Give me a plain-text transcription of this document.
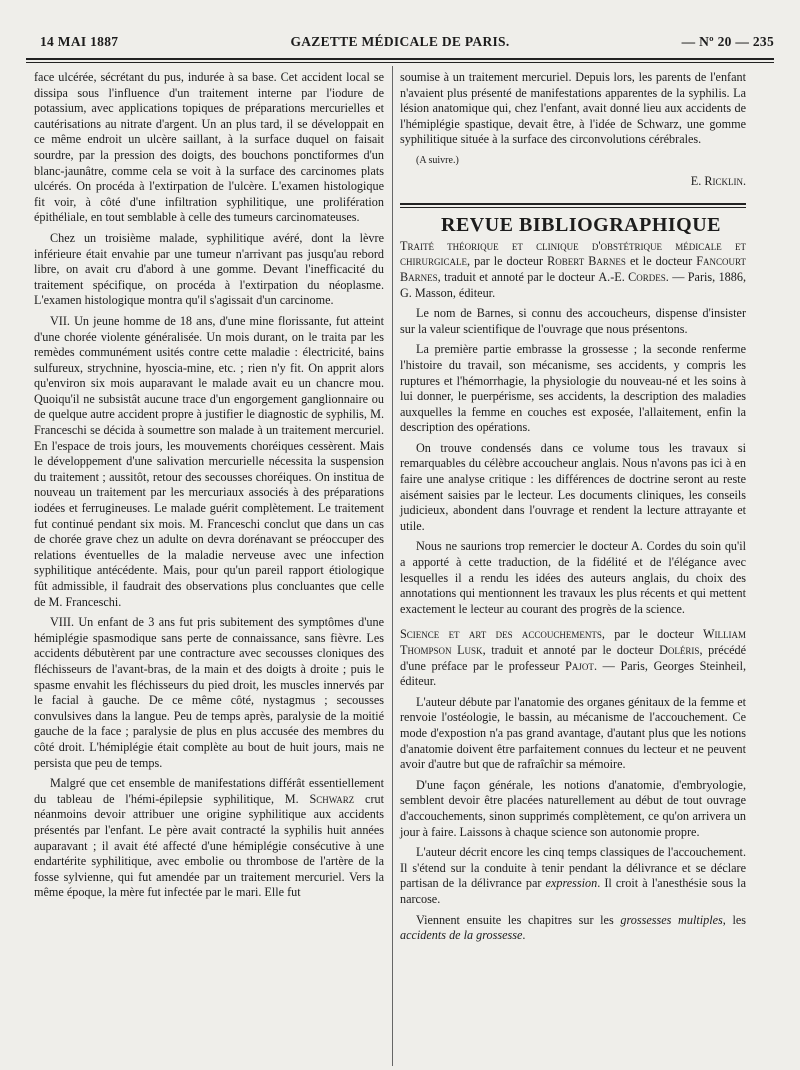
14 MAI 1887	GAZETTE MÉDICALE DE PARIS.	— Nº 20 — 235

face ulcérée, sécrétant du pus, indurée à sa base. Cet accident local se dissipa sous l'influence d'un traitement interne par l'iodure de potassium, avec applications topiques de préparations mercurielles et cautérisations au nitrate d'argent. Un an plus tard, il se développait en ce même endroit un ulcère saillant, à la surface duquel on faisait sourdre, par la pression des doigts, des bouchons ponctiformes d'un blanc-jaunâtre, comme cela se voit à la surface des carcinomes plats ulcérés. On procéda à l'extirpation de l'ulcère. L'examen histologique fit voir, à côté d'une infiltration syphilitique, une prolifération épithéliale, en tout semblable à celle des tumeurs carcinomateuses.

Chez un troisième malade, syphilitique avéré, dont la lèvre inférieure était envahie par une tumeur n'arrivant pas jusqu'au rebord libre, on avait cru d'abord à une gomme. Devant l'inefficacité du traitement spécifique, on procéda à l'extirpation du néoplasme. L'examen histologique montra qu'il s'agissait d'un carcinome.

VII. Un jeune homme de 18 ans, d'une mine florissante, fut atteint d'une chorée violente généralisée. Un mois durant, on le traita par les remèdes communément usités contre cette maladie : électricité, bains sulfureux, strychnine, hyoscia-mine, etc. ; rien n'y fit. On apprit alors qu'environ six mois auparavant le malade avait eu un chancre mou. Quoiqu'il ne subsistât aucune trace d'un engorgement ganglionnaire ou de quelque autre accident propre à justifier le diagnostic de syphilis, M. Franceschi se décida à soumettre son malade à un traitement mercuriel. En l'espace de trois jours, les mouvements choréiques cessèrent. Mais le développement d'une salivation mercurielle nécessita la suspension du traitement ; aussitôt, retour des secousses choréiques. On institua de nouveau un traitement par les mercuriaux associés à des préparations iodées et ferrugineuses. Le malade guérit complètement. Le traitement fut continué pendant six mois. M. Franceschi conclut que dans un cas de chorée grave chez un adulte on devra dorénavant se préoccuper des relations éventuelles de la maladie nerveuse avec une infection syphilitique antécédente. Mais, pour qu'un pareil rapport étiologique fût admissible, il faudrait des observations plus concluantes que celle de M. Franceschi.

VIII. Un enfant de 3 ans fut pris subitement des symptômes d'une hémiplégie spasmodique sans perte de connaissance, sans fièvre. Les accidents débutèrent par une contracture avec secousses cloniques des fléchisseurs de l'avant-bras, de la main et des doigts à droite ; puis le spasme envahit les fléchisseurs du pied droit, les muscles innervés par le facial à gauche. De ce même côté, nystagmus ; secousses convulsives dans la langue. Peu de temps après, paralysie de la moitié gauche de la face ; paralysie de plus en plus accusée des membres du côté droit. L'hémiplégie était complète au bout de huit jours, mais ne persista que peu de temps.

Malgré que cet ensemble de manifestations différât essentiellement du tableau de l'hémi-épilepsie syphilitique, M. Schwarz crut néanmoins devoir attribuer une origine syphilitique aux accidents présentés par l'enfant. Le père avait contracté la syphilis huit années auparavant ; il avait été affecté d'une hémiplégie consécutive à une endartérite syphilitique, avec embolie ou thrombose de l'artère de la fosse sylvienne, qui fut amendée par un traitement mercuriel. Vers la même époque, la mère fut infectée par le mari. Elle fut

soumise à un traitement mercuriel. Depuis lors, les parents de l'enfant n'avaient plus présenté de manifestations apparentes de la syphilis. La lésion anatomique qui, chez l'enfant, avait donné lieu aux accidents de l'hémiplégie spastique, devait être, à l'idée de Schwarz, une gomme syphilitique située à la surface des circonvolutions cérébrales.

(A suivre.)

E. Ricklin.

REVUE BIBLIOGRAPHIQUE

Traité théorique et clinique d'obstétrique médicale et chirurgicale, par le docteur Robert Barnes et le docteur Fancourt Barnes, traduit et annoté par le docteur A.-E. Cordes. — Paris, 1886, G. Masson, éditeur.

Le nom de Barnes, si connu des accoucheurs, dispense d'insister sur la valeur scientifique de l'ouvrage que nous présentons.

La première partie embrasse la grossesse ; la seconde renferme l'histoire du travail, son mécanisme, ses accidents, y compris les ruptures et l'hémorrhagie, la physiologie du nouveau-né et les soins à lui donner, le puerpérisme, ses accidents, la description des maladies auxquelles la femme en couches est exposée, l'allaitement, enfin la description des opérations.

On trouve condensés dans ce volume tous les travaux si remarquables du célèbre accoucheur anglais. Nous n'avons pas ici à en faire une analyse critique : les différences de doctrine seront au reste aisément saisies par le lecteur. Les documents cliniques, les conseils judicieux, abondent dans l'ouvrage et rendent la lecture attrayante et utile.

Nous ne saurions trop remercier le docteur A. Cordes du soin qu'il a apporté à cette traduction, de la fidélité et de l'élégance avec lesquelles il a rendu les idées des auteurs anglais, du choix des annotations qui mentionnent les travaux les plus récents et qui mettent exactement le lecteur au courant des progrès de la science.

Science et art des accouchements, par le docteur William Thompson Lusk, traduit et annoté par le docteur Doléris, précédé d'une préface par le professeur Pajot. — Paris, Georges Steinheil, éditeur.

L'auteur débute par l'anatomie des organes génitaux de la femme et renvoie l'ostéologie, le bassin, au mécanisme de l'accouchement. Ce mode d'expostion n'a pas grand avantage, d'autant plus que les notions d'anatomie doivent être parfaitement connues du lecteur et ne peuvent avoir d'autre but que de rafraîchir sa mémoire.

D'une façon générale, les notions d'anatomie, d'embryologie, semblent devoir être placées naturellement au début de tout ouvrage d'accouchements, sinon supprimés complètement, ce qu'on arrivera un jour à faire. Laissons à chaque science son autonomie propre.

L'auteur décrit encore les cinq temps classiques de l'accouchement. Il s'étend sur la conduite à tenir pendant la délivrance et se déclare partisan de la délivrance par expression. Il croit à l'anesthésie sous la narcose.

Viennent ensuite les chapitres sur les grossesses multiples, les accidents de la grossesse.
